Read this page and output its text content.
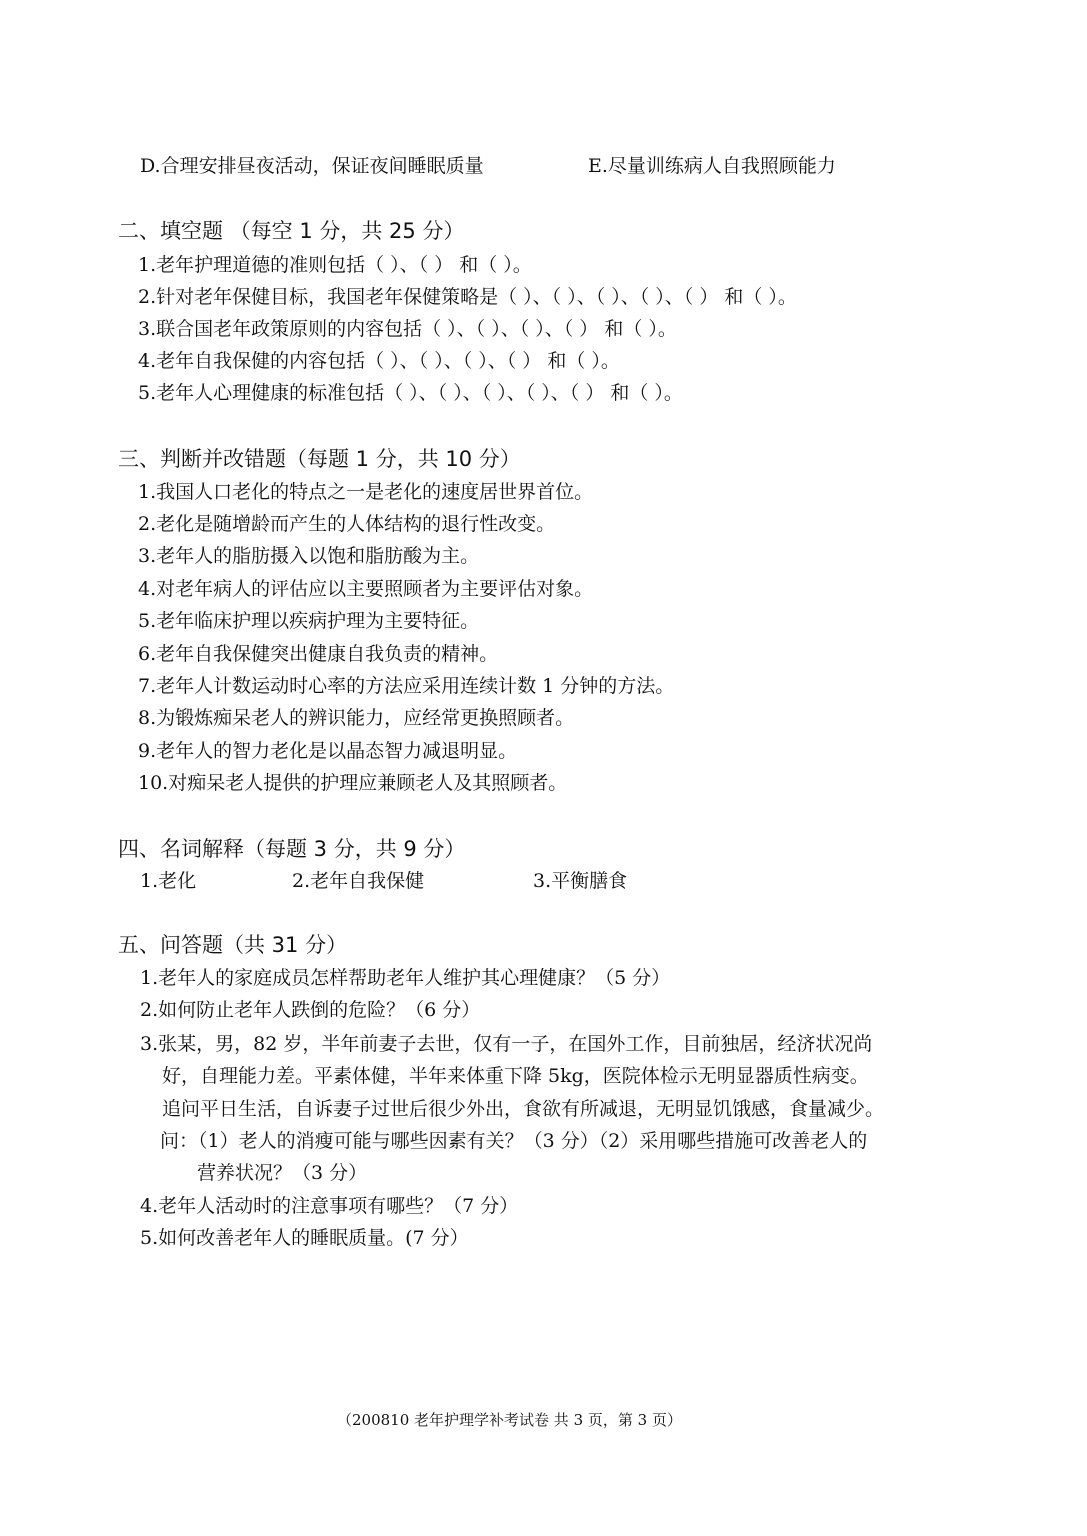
D.合理安排昼夜活动，保证夜间睡眠质量	E.尽量训练病人自我照顾能力
二、填空题 （每空 1 分，共 25 分）
1.老年护理道德的准则包括（ ）、（ ） 和（ ）。
2.针对老年保健目标，我国老年保健策略是（ ）、（ ）、（ ）、（ ）、（ ） 和（ ）。
3.联合国老年政策原则的内容包括（ ）、（ ）、（ ）、（ ） 和（ ）。
4.老年自我保健的内容包括（ ）、（ ）、（ ）、（ ） 和（ ）。
5.老年人心理健康的标准包括（ ）、（ ）、（ ）、（ ）、（ ） 和（ ）。
三、判断并改错题（每题 1 分，共 10 分）
1.我国人口老化的特点之一是老化的速度居世界首位。
2.老化是随增龄而产生的人体结构的退行性改变。
3.老年人的脂肪摄入以饱和脂肪酸为主。
4.对老年病人的评估应以主要照顾者为主要评估对象。
5.老年临床护理以疾病护理为主要特征。
6.老年自我保健突出健康自我负责的精神。
7.老年人计数运动时心率的方法应采用连续计数 1 分钟的方法。
8.为锻炼痴呆老人的辨识能力，应经常更换照顾者。
9.老年人的智力老化是以晶态智力减退明显。
10.对痴呆老人提供的护理应兼顾老人及其照顾者。
四、名词解释（每题 3 分，共 9 分）
1.老化	2.老年自我保健	3.平衡膳食
五、问答题（共 31 分）
1.老年人的家庭成员怎样帮助老年人维护其心理健康？（5 分）
2.如何防止老年人跌倒的危险？（6 分）
3.张某，男，82 岁，半年前妻子去世，仅有一子，在国外工作，目前独居，经济状况尚
好，自理能力差。平素体健，半年来体重下降 5kg，医院体检示无明显器质性病变。
追问平日生活，自诉妻子过世后很少外出，食欲有所减退，无明显饥饿感，食量减少。
问：（1）老人的消瘦可能与哪些因素有关？（3 分）（2）采用哪些措施可改善老人的
营养状况？（3 分）
4.老年人活动时的注意事项有哪些？（7 分）
5.如何改善老年人的睡眠质量。(7 分）
（200810 老年护理学补考试卷 共 3 页，第 3 页）
